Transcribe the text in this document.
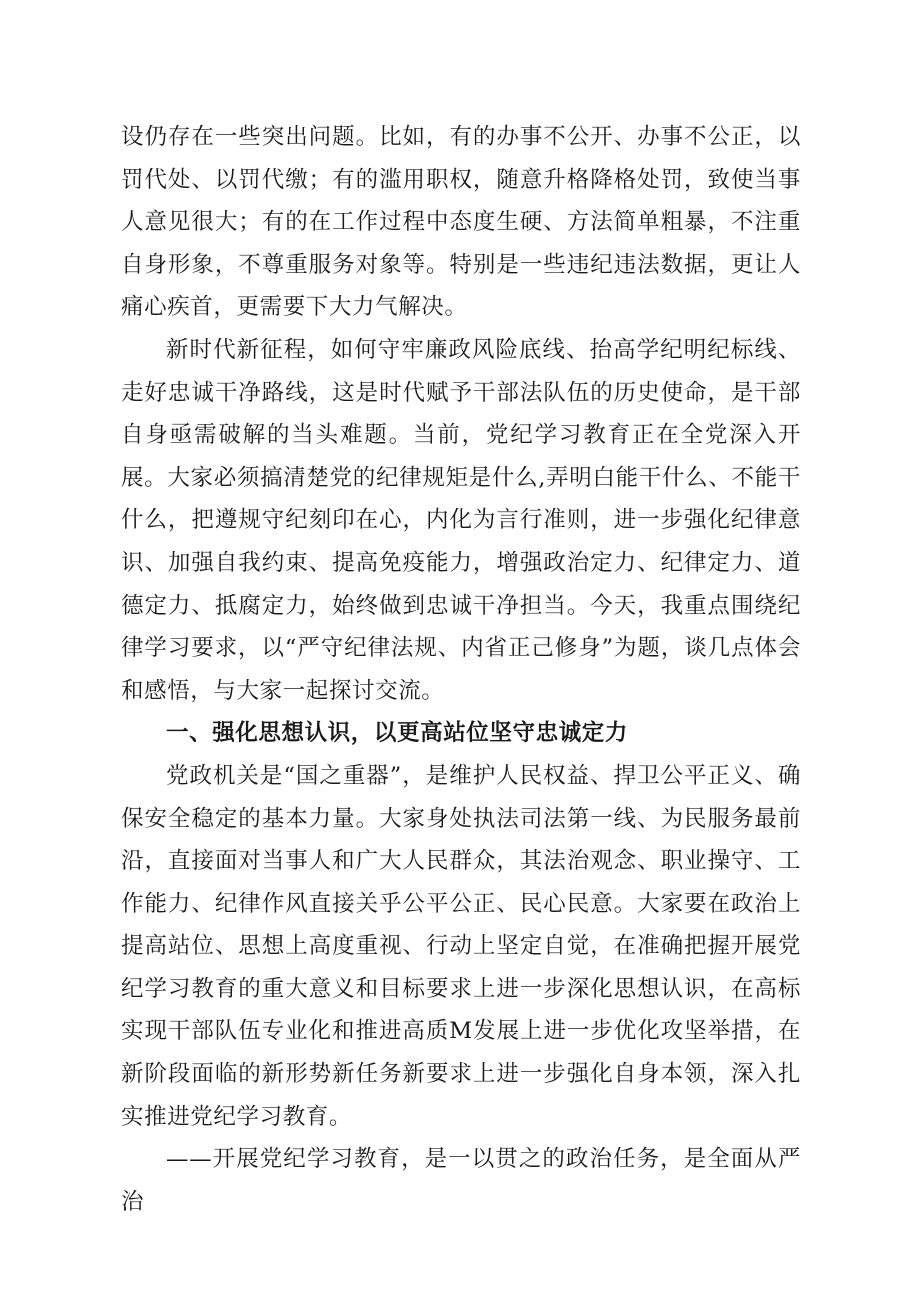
设仍存在一些突出问题。比如，有的办事不公开、办事不公正，以罚代处、以罚代缴；有的滥用职权，随意升格降格处罚，致使当事人意见很大；有的在工作过程中态度生硬、方法简单粗暴，不注重自身形象，不尊重服务对象等。特别是一些违纪违法数据，更让人痛心疾首，更需要下大力气解决。

新时代新征程，如何守牢廉政风险底线、抬高学纪明纪标线、走好忠诚干净路线，这是时代赋予干部法队伍的历史使命，是干部自身亟需破解的当头难题。当前，党纪学习教育正在全党深入开展。大家必须搞清楚党的纪律规矩是什么,弄明白能干什么、不能干什么，把遵规守纪刻印在心，内化为言行准则，进一步强化纪律意识、加强自我约束、提高免疫能力，增强政治定力、纪律定力、道德定力、抵腐定力，始终做到忠诚干净担当。今天，我重点围绕纪律学习要求，以“严守纪律法规、内省正己修身”为题，谈几点体会和感悟，与大家一起探讨交流。

一、强化思想认识，以更高站位坚守忠诚定力

党政机关是“国之重器”，是维护人民权益、捍卫公平正义、确保安全稳定的基本力量。大家身处执法司法第一线、为民服务最前沿，直接面对当事人和广大人民群众，其法治观念、职业操守、工作能力、纪律作风直接关乎公平公正、民心民意。大家要在政治上提高站位、思想上高度重视、行动上坚定自觉，在准确把握开展党纪学习教育的重大意义和目标要求上进一步深化思想认识，在高标实现干部队伍专业化和推进高质M发展上进一步优化攻坚举措，在新阶段面临的新形势新任务新要求上进一步强化自身本领，深入扎实推进党纪学习教育。

——开展党纪学习教育，是一以贯之的政治任务，是全面从严治
